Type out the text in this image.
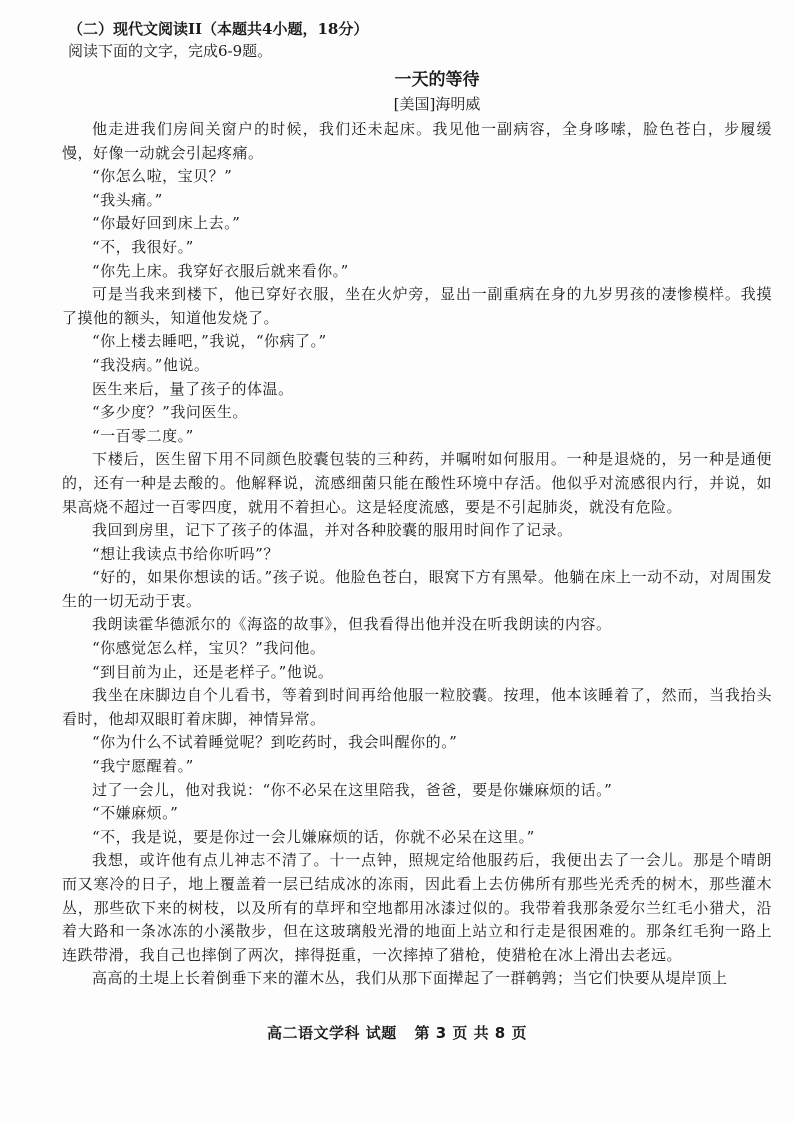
（二）现代文阅读II（本题共4小题，18分）

阅读下面的文字，完成6-9题。

一天的等待

[美国]海明威

他走进我们房间关窗户的时候，我们还未起床。我见他一副病容，全身哆嗦，脸色苍白，步履缓慢，好像一动就会引起疼痛。

“你怎么啦，宝贝？”

“我头痛。”

“你最好回到床上去。”

“不，我很好。”

“你先上床。我穿好衣服后就来看你。”

可是当我来到楼下，他已穿好衣服，坐在火炉旁，显出一副重病在身的九岁男孩的凄惨模样。我摸了摸他的额头，知道他发烧了。

“你上楼去睡吧，”我说，“你病了。”

“我没病。”他说。

医生来后，量了孩子的体温。

“多少度？”我问医生。

“一百零二度。”

下楼后，医生留下用不同颜色胶囊包装的三种药，并嘱咐如何服用。一种是退烧的，另一种是通便的，还有一种是去酸的。他解释说，流感细菌只能在酸性环境中存活。他似乎对流感很内行，并说，如果高烧不超过一百零四度，就用不着担心。这是轻度流感，要是不引起肺炎，就没有危险。

我回到房里，记下了孩子的体温，并对各种胶囊的服用时间作了记录。

“想让我读点书给你听吗”？

“好的，如果你想读的话。”孩子说。他脸色苍白，眼窝下方有黑晕。他躺在床上一动不动，对周围发生的一切无动于衷。

我朗读霍华德派尔的《海盗的故事》，但我看得出他并没在听我朗读的内容。

“你感觉怎么样，宝贝？”我问他。

“到目前为止，还是老样子。”他说。

我坐在床脚边自个儿看书，等着到时间再给他服一粒胶囊。按理，他本该睡着了，然而，当我抬头看时，他却双眼盯着床脚，神情异常。

“你为什么不试着睡觉呢？到吃药时，我会叫醒你的。”

“我宁愿醒着。”

过了一会儿，他对我说：“你不必呆在这里陪我，爸爸，要是你嫌麻烦的话。”

“不嫌麻烦。”

“不，我是说，要是你过一会儿嫌麻烦的话，你就不必呆在这里。”

我想，或许他有点儿神志不清了。十一点钟，照规定给他服药后，我便出去了一会儿。那是个晴朗而又寒冷的日子，地上覆盖着一层已结成冰的冻雨，因此看上去仿佛所有那些光秃秃的树木，那些灌木丛，那些砍下来的树枝，以及所有的草坪和空地都用冰漆过似的。我带着我那条爱尔兰红毛小猎犬，沿着大路和一条冰冻的小溪散步，但在这玻璃般光滑的地面上站立和行走是很困难的。那条红毛狗一路上连跌带滑，我自己也摔倒了两次，摔得挺重，一次摔掉了猎枪，使猎枪在冰上滑出去老远。

高高的土堤上长着倒垂下来的灌木丛，我们从那下面撵起了一群鹌鹑；当它们快要从堤岸顶上

高二语文学科 试题 第 3 页 共 8 页
